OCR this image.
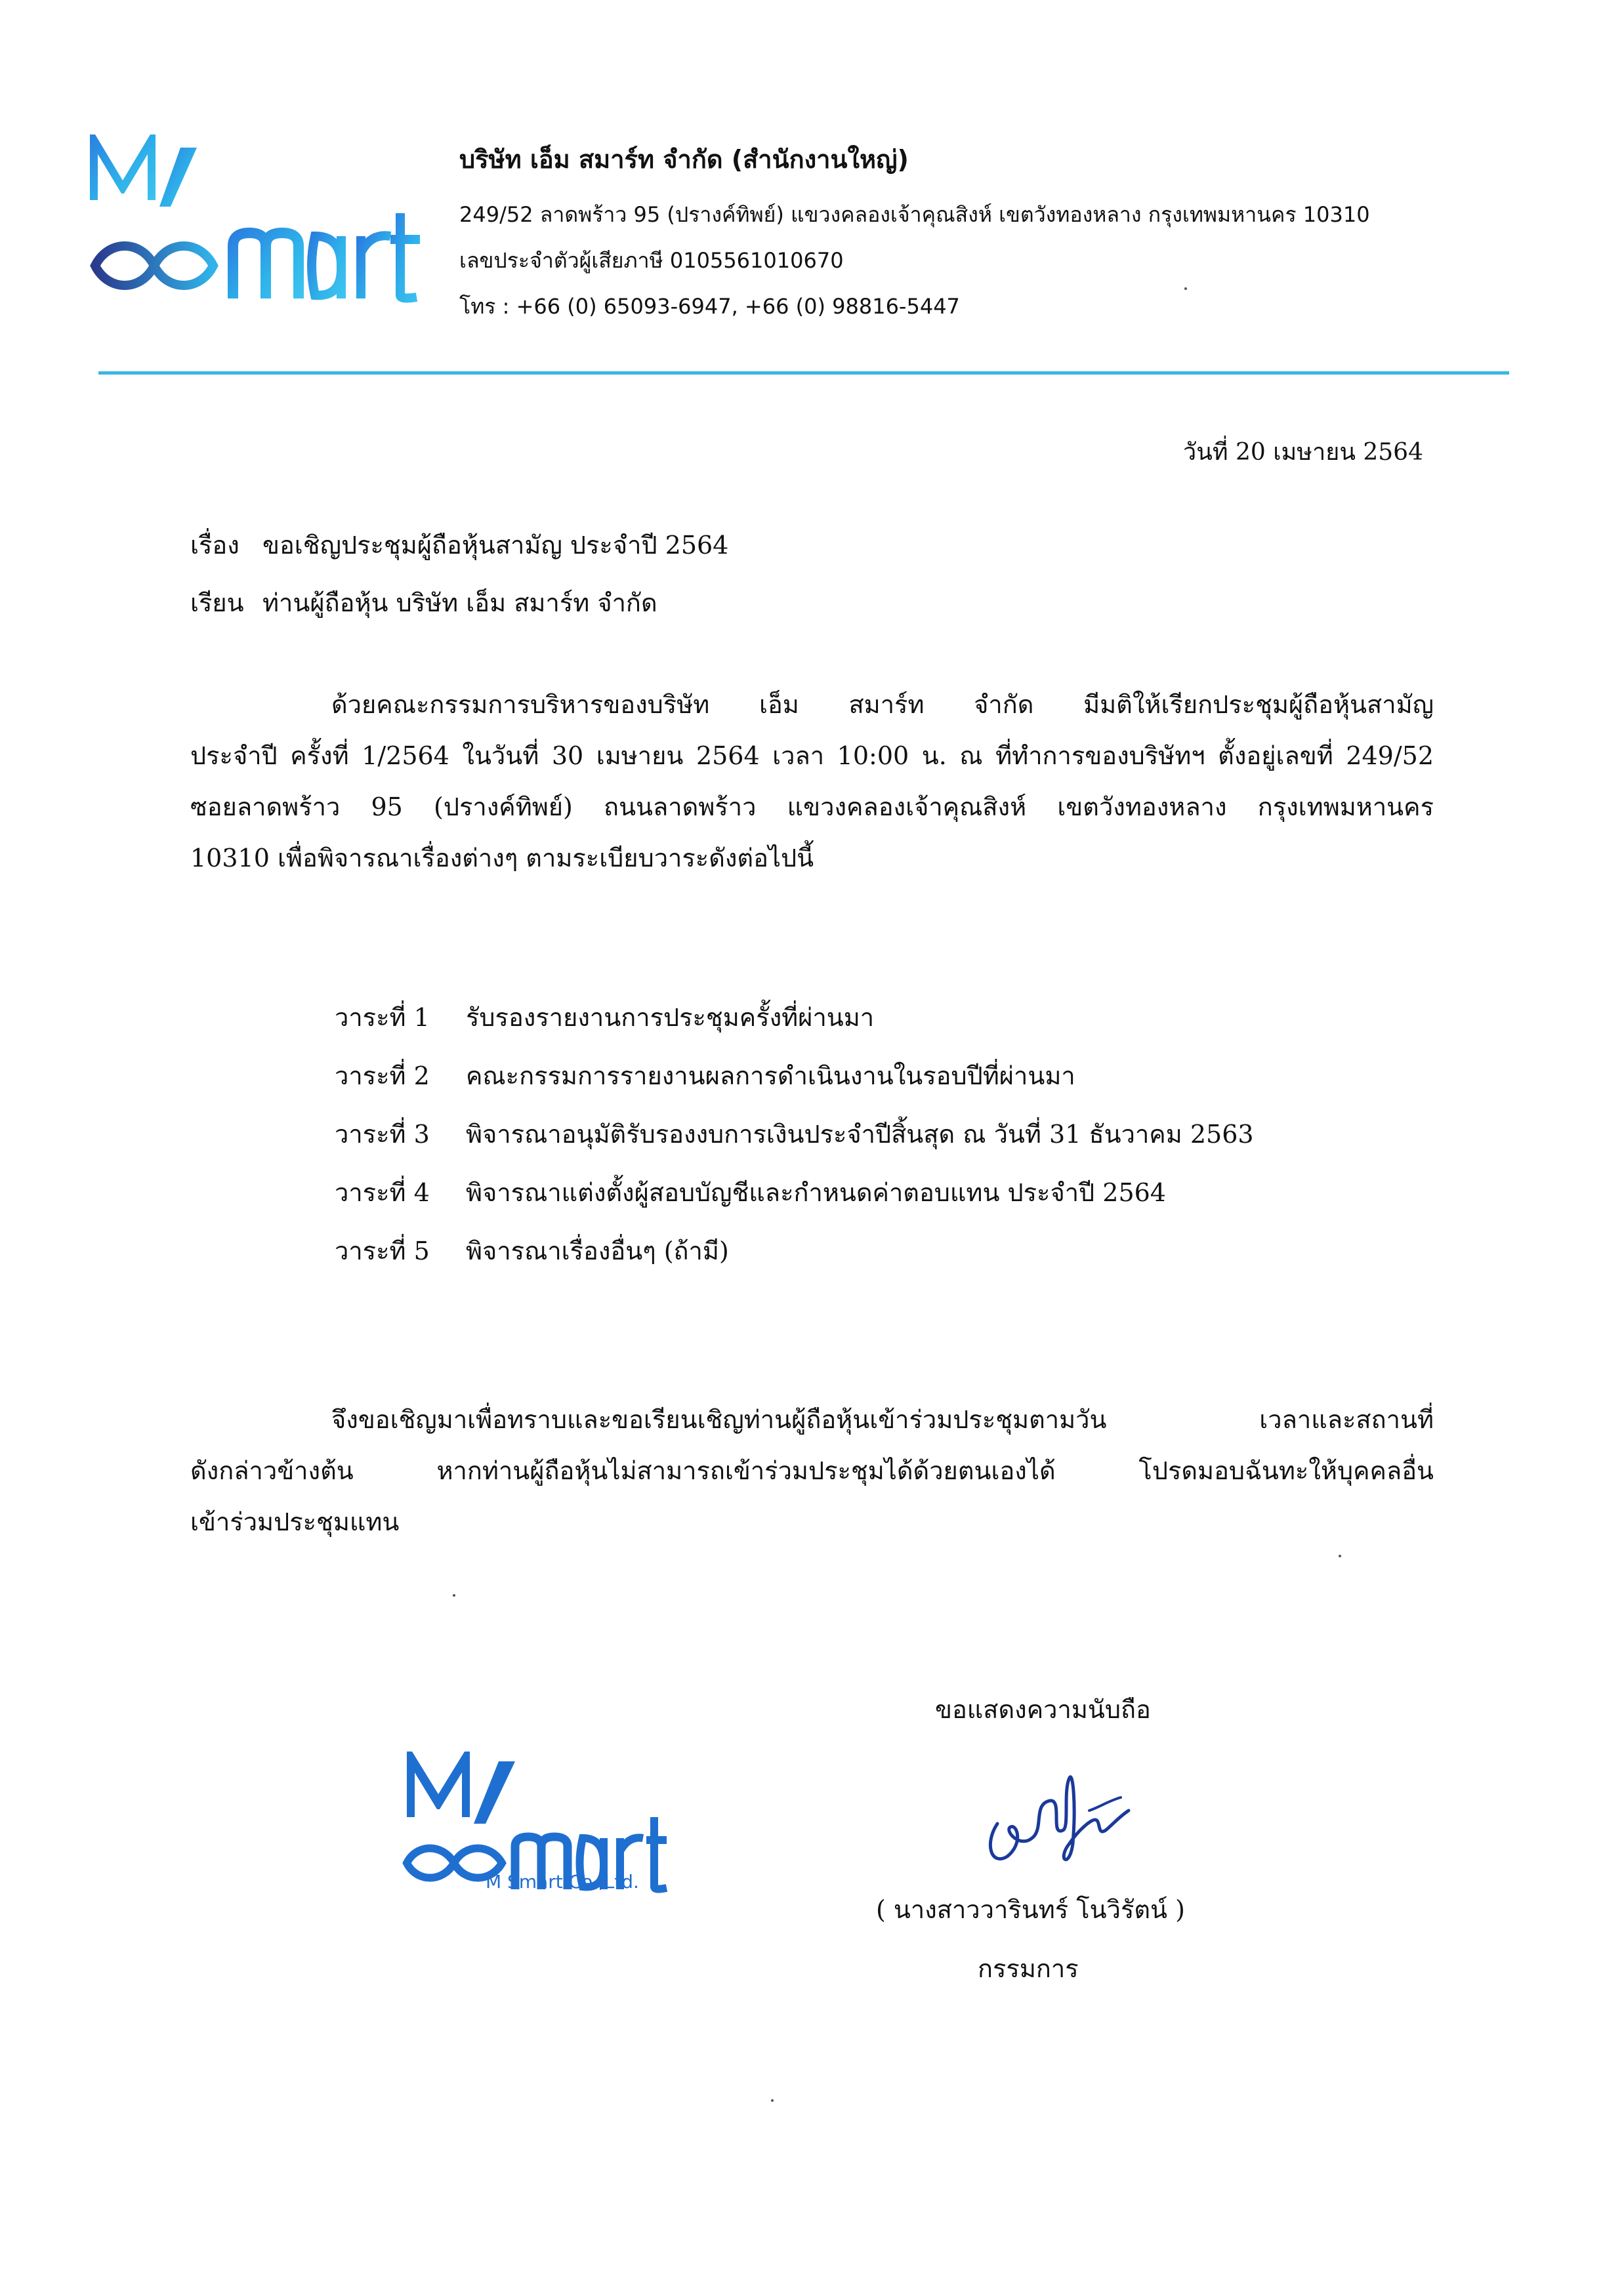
บริษัท เอ็ม สมาร์ท จำกัด (สำนักงานใหญ่)
249/52 ลาดพร้าว 95 (ปรางค์ทิพย์) แขวงคลองเจ้าคุณสิงห์ เขตวังทองหลาง กรุงเทพมหานคร 10310
เลขประจำตัวผู้เสียภาษี 0105561010670
โทร : +66 (0) 65093-6947, +66 (0) 98816-5447
วันที่ 20 เมษายน 2564
เรื่อง ขอเชิญประชุมผู้ถือหุ้นสามัญ ประจำปี 2564
เรียน ท่านผู้ถือหุ้น บริษัท เอ็ม สมาร์ท จำกัด
ด้วยคณะกรรมการบริหารของบริษัท เอ็ม สมาร์ท จำกัด มีมติให้เรียกประชุมผู้ถือหุ้นสามัญ
ประจำปี ครั้งที่ 1/2564 ในวันที่ 30 เมษายน 2564 เวลา 10:00 น. ณ ที่ทำการของบริษัทฯ ตั้งอยู่เลขที่ 249/52
ซอยลาดพร้าว 95 (ปรางค์ทิพย์) ถนนลาดพร้าว แขวงคลองเจ้าคุณสิงห์ เขตวังทองหลาง กรุงเทพมหานคร
10310 เพื่อพิจารณาเรื่องต่างๆ ตามระเบียบวาระดังต่อไปนี้
วาระที่ 1 รับรองรายงานการประชุมครั้งที่ผ่านมา
วาระที่ 2 คณะกรรมการรายงานผลการดำเนินงานในรอบปีที่ผ่านมา
วาระที่ 3 พิจารณาอนุมัติรับรองงบการเงินประจำปีสิ้นสุด ณ วันที่ 31 ธันวาคม 2563
วาระที่ 4 พิจารณาแต่งตั้งผู้สอบบัญชีและกำหนดค่าตอบแทน ประจำปี 2564
วาระที่ 5 พิจารณาเรื่องอื่นๆ (ถ้ามี)
จึงขอเชิญมาเพื่อทราบและขอเรียนเชิญท่านผู้ถือหุ้นเข้าร่วมประชุมตามวัน เวลาและสถานที่
ดังกล่าวข้างต้น หากท่านผู้ถือหุ้นไม่สามารถเข้าร่วมประชุมได้ด้วยตนเองได้ โปรดมอบฉันทะให้บุคคลอื่น
เข้าร่วมประชุมแทน
ขอแสดงความนับถือ
M Smart Co.,Ltd.
( นางสาววารินทร์ โนวิรัตน์ )
กรรมการ
